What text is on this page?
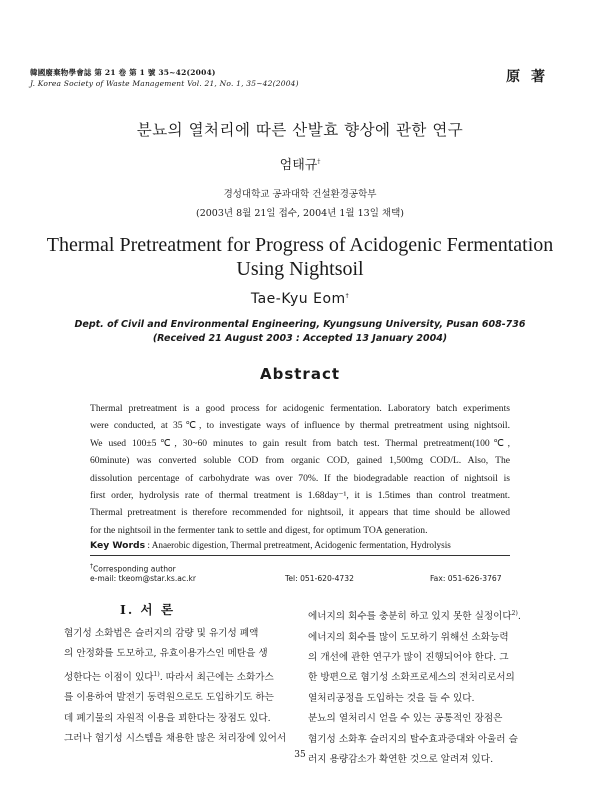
韓國廢棄物學會誌 第 21 卷 第 1 號 35~42(2004)
J. Korea Society of Waste Management Vol. 21, No. 1, 35~42(2004)	原 著
분뇨의 열처리에 따른 산발효 향상에 관한 연구
엄태규†
경성대학교 공과대학 건설환경공학부
(2003년 8월 21일 접수, 2004년 1월 13일 채택)
Thermal Pretreatment for Progress of Acidogenic Fermentation
Using Nightsoil
Tae-Kyu Eom†
Dept. of Civil and Environmental Engineering, Kyungsung University, Pusan 608-736
(Received 21 August 2003 : Accepted 13 January 2004)
Abstract
Thermal pretreatment is a good process for acidogenic fermentation. Laboratory batch experiments
were conducted, at 35℃, to investigate ways of influence by thermal pretreatment using nightsoil.
We used 100±5℃, 30~60 minutes to gain result from batch test. Thermal pretreatment(100℃,
60minute) was converted soluble COD from organic COD, gained 1,500mg COD/L. Also, The
dissolution percentage of carbohydrate was over 70%. If the biodegradable reaction of nightsoil is
first order, hydrolysis rate of thermal treatment is 1.68day⁻¹, it is 1.5times than control treatment.
Thermal pretreatment is therefore recommended for nightsoil, it appears that time should be allowed
for the nightsoil in the fermenter tank to settle and digest, for optimum TOA generation.
Key Words : Anaerobic digestion, Thermal pretreatment, Acidogenic fermentation, Hydrolysis
†Corresponding author
e-mail: tkeom@star.ks.ac.kr	Tel: 051-620-4732	Fax: 051-626-3767
Ⅰ. 서 론
혐기성 소화법은 슬러지의 감량 및 유기성 폐액
의 안정화를 도모하고, 유효이용가스인 메탄을 생
성한다는 이점이 있다$^{1)}$. 따라서 최근에는 소화가스
를 이용하여 발전기 동력원으로도 도입하기도 하는
데 폐기물의 자원적 이용을 꾀한다는 장점도 있다.
그러나 혐기성 시스템을 채용한 많은 처리장에 있어서
에너지의 회수를 충분히 하고 있지 못한 실정이다$^{2)}$.
에너지의 회수를 많이 도모하기 위해선 소화능력
의 개선에 관한 연구가 많이 진행되어야 한다. 그
한 방편으로 혐기성 소화프로세스의 전처리로서의
열처리공정을 도입하는 것을 들 수 있다.
분뇨의 열처리시 얻을 수 있는 공통적인 장점은
혐기성 소화후 슬러지의 탈수효과증대와 아울러 슬
러지 용량감소가 확연한 것으로 알려져 있다.
35
